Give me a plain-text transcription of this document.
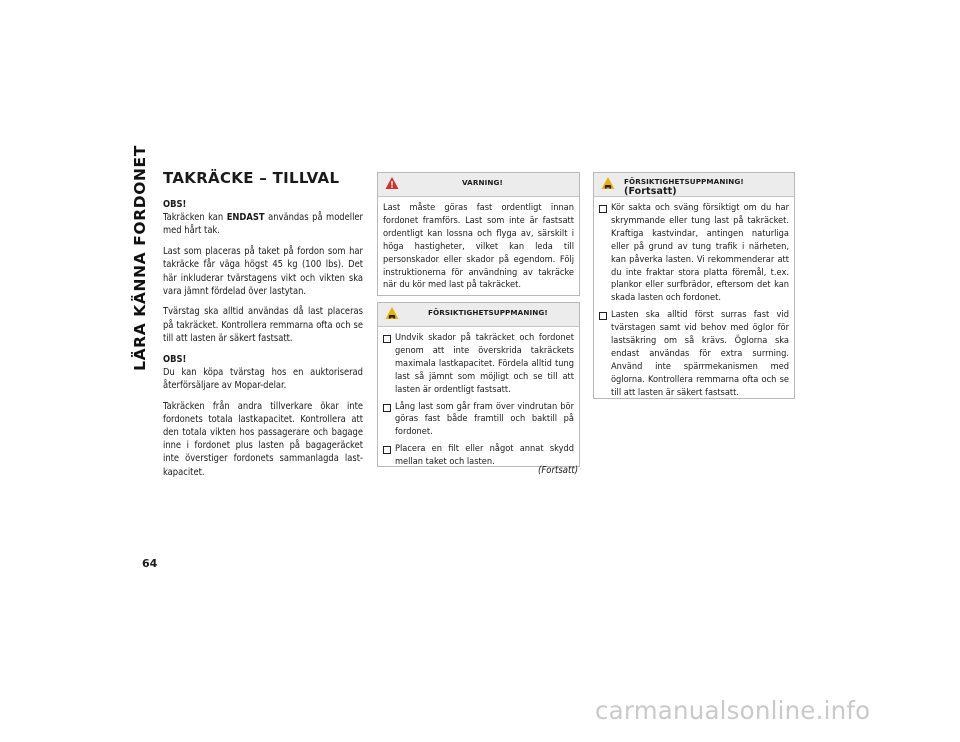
LÄRA KÄNNA FORDONET
64
TAKRÄCKE – TILLVAL

OBS!
Takräcken kan ENDAST användas på modeller med hårt tak.

Last som placeras på taket på fordon som har takräcke får väga högst 45 kg (100 lbs). Det här inkluderar tvärstagens vikt och vikten ska vara jämnt fördelad över lastytan.

Tvärstag ska alltid användas då last placeras på takräcket. Kontrollera remmarna ofta och se till att lasten är säkert fastsatt.

OBS!
Du kan köpa tvärstag hos en auktoriserad återförsäljare av Mopar-delar.

Takräcken från andra tillverkare ökar inte fordonets totala lastkapacitet. Kontrollera att den totala vikten hos passagerare och bagage inne i fordonet plus lasten på bagageräcket inte överstiger fordonets sammanlagda last-kapacitet.

VARNING!

Last måste göras fast ordentligt innan fordonet framförs. Last som inte är fastsatt ordentligt kan lossna och flyga av, särskilt i höga hastigheter, vilket kan leda till personskador eller skador på egendom. Följ instruktionerna för användning av takräcke när du kör med last på takräcket.

FÖRSIKTIGHETSUPPMANING!
Undvik skador på takräcket och fordonet genom att inte överskrida takräckets maximala lastkapacitet. Fördela alltid tung last så jämnt som möjligt och se till att lasten är ordentligt fastsatt.
Lång last som går fram över vindrutan bör göras fast både framtill och baktill på fordonet.
Placera en filt eller något annat skydd mellan taket och lasten.
(Fortsatt)
FÖRSIKTIGHETSUPPMANING! (Fortsatt)
Kör sakta och sväng försiktigt om du har skrymmande eller tung last på takräcket. Kraftiga kastvindar, antingen naturliga eller på grund av tung trafik i närheten, kan påverka lasten. Vi rekommenderar att du inte fraktar stora platta föremål, t.ex. plankor eller surfbrädor, eftersom det kan skada lasten och fordonet.
Lasten ska alltid först surras fast vid tvärstagen samt vid behov med öglor för lastsäkring om så krävs. Öglorna ska endast användas för extra surrning. Använd inte spärrmekanismen med öglorna. Kontrollera remmarna ofta och se till att lasten är säkert fastsatt.
carmanualsonline.info
